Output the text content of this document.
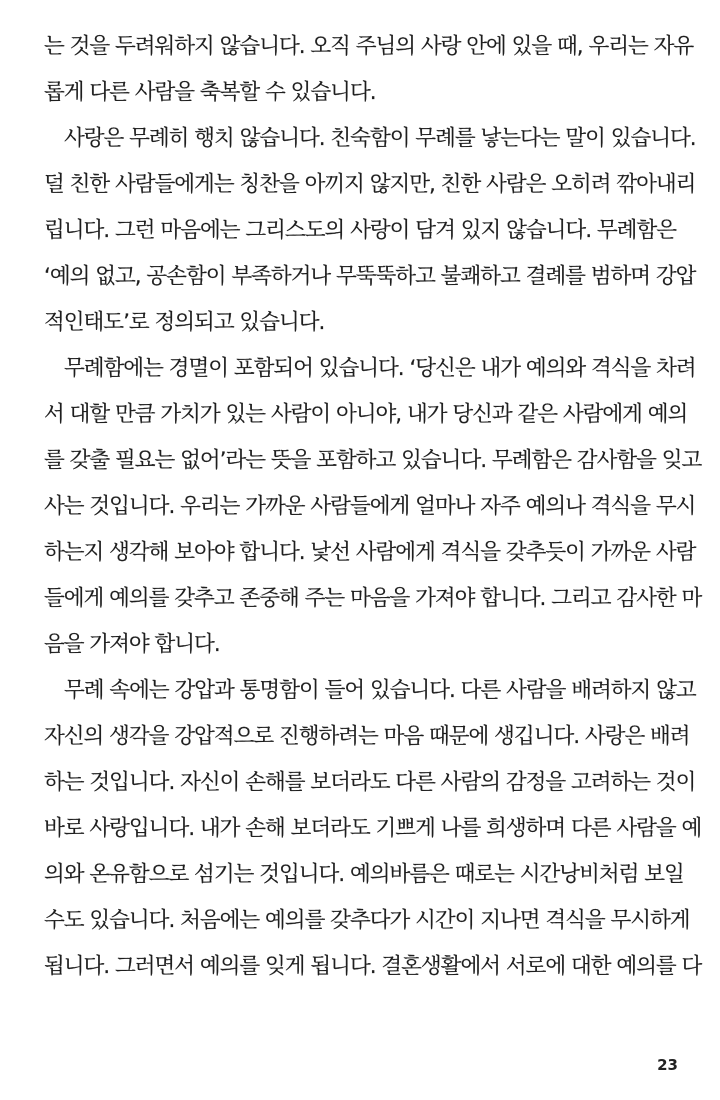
는 것을 두려워하지 않습니다. 오직 주님의 사랑 안에 있을 때, 우리는 자유
롭게 다른 사람을 축복할 수 있습니다.
사랑은 무례히 행치 않습니다. 친숙함이 무례를 낳는다는 말이 있습니다.
덜 친한 사람들에게는 칭찬을 아끼지 않지만, 친한 사람은 오히려 깎아내리
립니다. 그런 마음에는 그리스도의 사랑이 담겨 있지 않습니다. 무례함은
‘예의 없고, 공손함이 부족하거나 무뚝뚝하고 불쾌하고 결례를 범하며 강압
적인태도’로 정의되고 있습니다.
무례함에는 경멸이 포함되어 있습니다. ‘당신은 내가 예의와 격식을 차려
서 대할 만큼 가치가 있는 사람이 아니야, 내가 당신과 같은 사람에게 예의
를 갖출 필요는 없어’라는 뜻을 포함하고 있습니다. 무례함은 감사함을 잊고
사는 것입니다. 우리는 가까운 사람들에게 얼마나 자주 예의나 격식을 무시
하는지 생각해 보아야 합니다. 낯선 사람에게 격식을 갖추듯이 가까운 사람
들에게 예의를 갖추고 존중해 주는 마음을 가져야 합니다. 그리고 감사한 마
음을 가져야 합니다.
무례 속에는 강압과 통명함이 들어 있습니다. 다른 사람을 배려하지 않고
자신의 생각을 강압적으로 진행하려는 마음 때문에 생깁니다. 사랑은 배려
하는 것입니다. 자신이 손해를 보더라도 다른 사람의 감정을 고려하는 것이
바로 사랑입니다. 내가 손해 보더라도 기쁘게 나를 희생하며 다른 사람을 예
의와 온유함으로 섬기는 것입니다. 예의바름은 때로는 시간낭비처럼 보일
수도 있습니다. 처음에는 예의를 갖추다가 시간이 지나면 격식을 무시하게
됩니다. 그러면서 예의를 잊게 됩니다. 결혼생활에서 서로에 대한 예의를 다
23
